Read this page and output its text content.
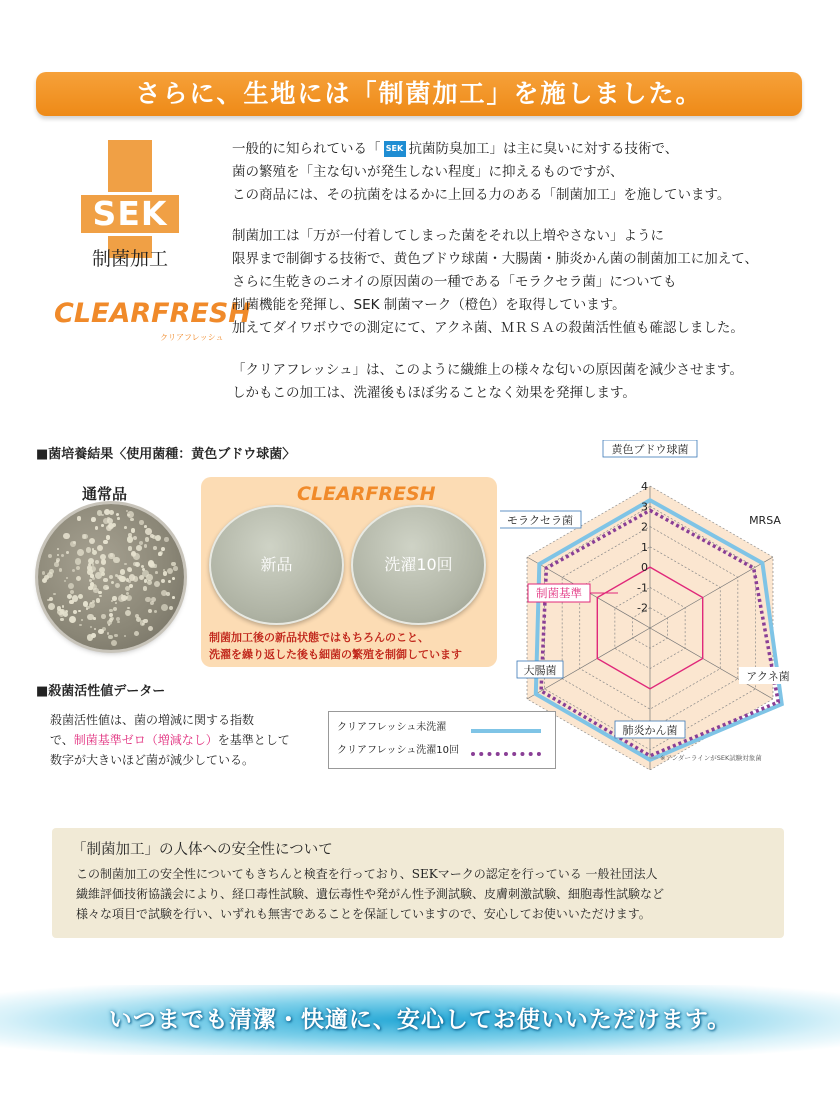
さらに、生地には「制菌加工」を施しました。
SEK
制菌加工
CLEARFRESH
クリアフレッシュ
一般的に知られている「 SEK 抗菌防臭加工」は主に臭いに対する技術で、
菌の繁殖を「主な匂いが発生しない程度」に抑えるものですが、
この商品には、その抗菌をはるかに上回る力のある「制菌加工」を施しています。
制菌加工は「万が一付着してしまった菌をそれ以上増やさない」ように
限界まで制御する技術で、黄色ブドウ球菌・大腸菌・肺炎かん菌の制菌加工に加えて、
さらに生乾きのニオイの原因菌の一種である「モラクセラ菌」についても
制菌機能を発揮し、SEK 制菌マーク（橙色）を取得しています。
加えてダイワボウでの測定にて、アクネ菌、ＭＲＳＡの殺菌活性値も確認しました。
「クリアフレッシュ」は、このように繊維上の様々な匂いの原因菌を減少させます。
しかもこの加工は、洗濯後もほぼ劣ることなく効果を発揮します。
■菌培養結果〈使用菌種：黄色ブドウ球菌〉
通常品	CLEARFRESH
新品	洗濯10回
制菌加工後の新品状態ではもちろんのこと、
洗濯を繰り返した後も細菌の繁殖を制御しています
4
3
2
1
0
-1
-2
黄色ブドウ球菌
MRSA
アクネ菌
肺炎かん菌
大腸菌
モラクセラ菌
制菌基準
※アンダーラインがSEK試験対象菌
■殺菌活性値データー
殺菌活性値は、菌の増減に関する指数
で、制菌基準ゼロ（増減なし）を基準として
数字が大きいほど菌が減少している。
クリアフレッシュ未洗濯
クリアフレッシュ洗濯10回
「制菌加工」の人体への安全性について
この制菌加工の安全性についてもきちんと検査を行っており、SEKマークの認定を行っている 一般社団法人
繊維評価技術協議会により、経口毒性試験、遺伝毒性や発がん性予測試験、皮膚刺激試験、細胞毒性試験など
様々な項目で試験を行い、いずれも無害であることを保証していますので、安心してお使いいただけます。
いつまでも清潔・快適に、安心してお使いいただけます。
